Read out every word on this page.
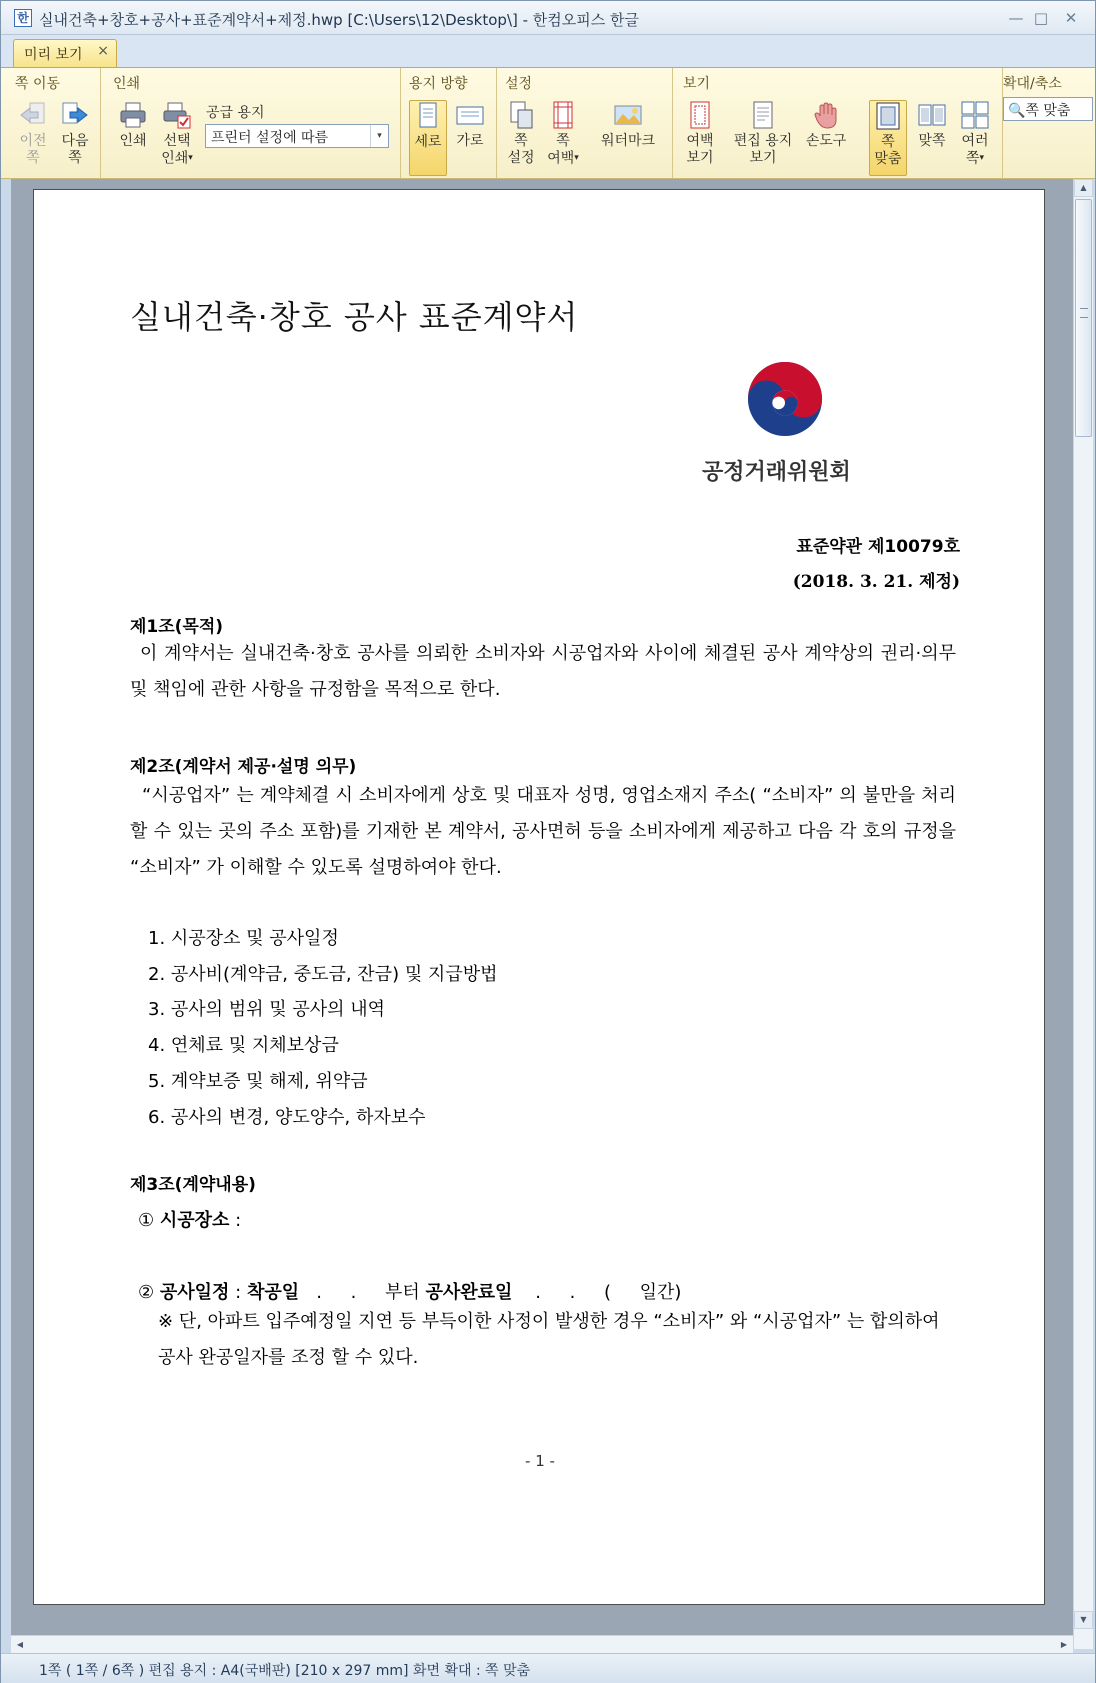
한 실내건축+창호+공사+표준계약서+제정.hwp [C:\Users\12\Desktop\] - 한컴오피스 한글	— □	✕
미리 보기 ×
쪽 이동
이전
쪽
다음
쪽
인쇄
인쇄	선택
인쇄▾
공급 용지
프린터 설정에 따름	▾
용지 방향
세로	가로
설정
쪽
설정
쪽
여백▾
워터마크
보기
여백
보기
편집 용지
보기
손도구	쪽
맞춤
맞쪽	여러
쪽▾
확대/축소
🔍쪽 맞춤
실내건축·창호 공사 표준계약서
공정거래위원회
표준약관 제10079호
(2018. 3. 21. 제정)
제1조(목적)
이 계약서는 실내건축·창호 공사를 의뢰한 소비자와 시공업자와 사이에 체결된 공사 계약상의 권리·의무 및 책임에 관한 사항을 규정함을 목적으로 한다.
제2조(계약서 제공·설명 의무)
“시공업자” 는 계약체결 시 소비자에게 상호 및 대표자 성명, 영업소재지 주소( “소비자” 의 불만을 처리할 수 있는 곳의 주소 포함)를 기재한 본 계약서, 공사면허 등을 소비자에게 제공하고 다음 각 호의 규정을 “소비자” 가 이해할 수 있도록 설명하여야 한다.
1. 시공장소 및 공사일정
2. 공사비(계약금, 중도금, 잔금) 및 지급방법
3. 공사의 범위 및 공사의 내역
4. 연체료 및 지체보상금
5. 계약보증 및 해제, 위약금
6. 공사의 변경, 양도양수, 하자보수
제3조(계약내용)
① 시공장소 :
② 공사일정 : 착공일   .     .     부터 공사완료일    .     .     (     일간)
※ 단, 아파트 입주예정일 지연 등 부득이한 사정이 발생한 경우 “소비자” 와 “시공업자” 는 합의하여 공사 완공일자를 조정 할 수 있다.
- 1 -
▲
▼
◀	▶
1쪽 ( 1쪽 / 6쪽 ) 편집 용지 : A4(국배판) [210 x 297 mm] 화면 확대 : 쪽 맞춤
